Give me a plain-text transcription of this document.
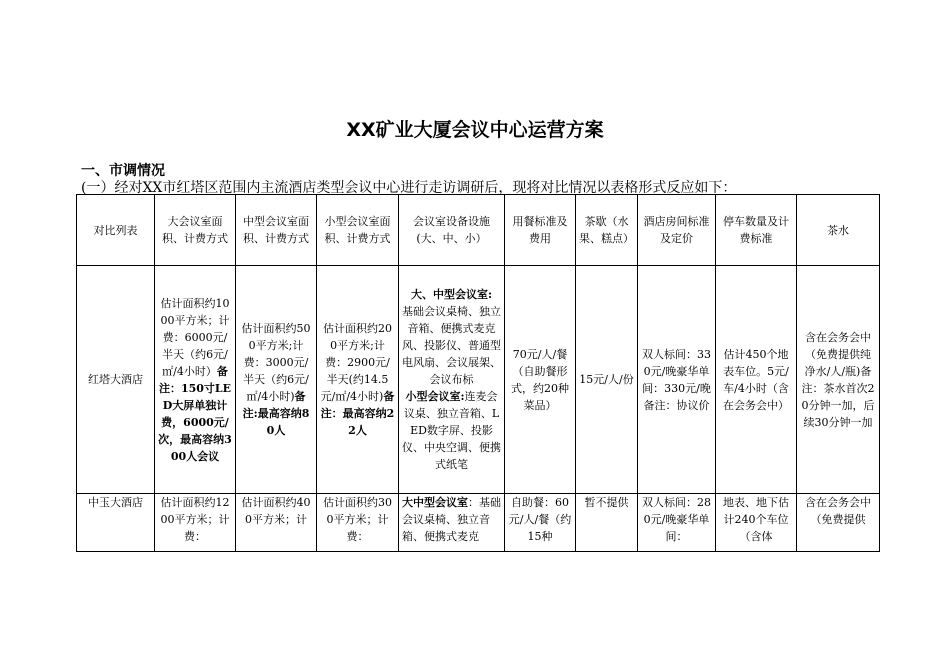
XX矿业大厦会议中心运营方案
一、市调情况
(一）经对XX市红塔区范围内主流酒店类型会议中心进行走访调研后，现将对比情况以表格形式反应如下：
对比列表	大会议室面积、计费方式	中型会议室面积、计费方式	小型会议室面积、计费方式	会议室设备设施(大、中、小）	用餐标准及费用	茶歇（水果、糕点）	酒店房间标准及定价	停车数量及计费标准	茶水
红塔大酒店	估计面积约1000平方米；计费：6000元/半天（约6元/㎡/4小时）备注：150寸LED大屏单独计费，6000元/次，最高容纳300人会议	估计面积约500平方米;计费：3000元/半天（约6元/㎡/4小时)备注:最高容纳80人	估计面积约200平方米;计费：2900元/半天(约14.5元/㎡/4小时)备注：最高容纳22人	大、中型会议室:
基础会议桌椅、独立音箱、便携式麦克风、投影仪、普通型电风扇、会议展架、会议布标
小型会议室:连麦会议桌、独立音箱、LED数字屏、投影仪、中央空调、便携式纸笔	70元/人/餐（自助餐形式，约20种菜品）	15元/人/份	双人标间：330元/晚豪华单间：330元/晚备注：协议价	估计450个地表车位。5元/车/4小时（含在会务会中）	含在会务会中（免费提供纯净水/人/瓶)备注：茶水首次20分钟一加，后续30分钟一加
中玉大酒店	估计面积约1200平方米；计费：	估计面积约400平方米；计	估计面积约300平方米；计费：	大中型会议室：基础会议桌椅、独立音箱、便携式麦克	自助餐：60元/人/餐（约15种	暂不提供	双人标间：280元/晚豪华单间：	地表、地下估计240个车位（含体	含在会务会中（免费提供
